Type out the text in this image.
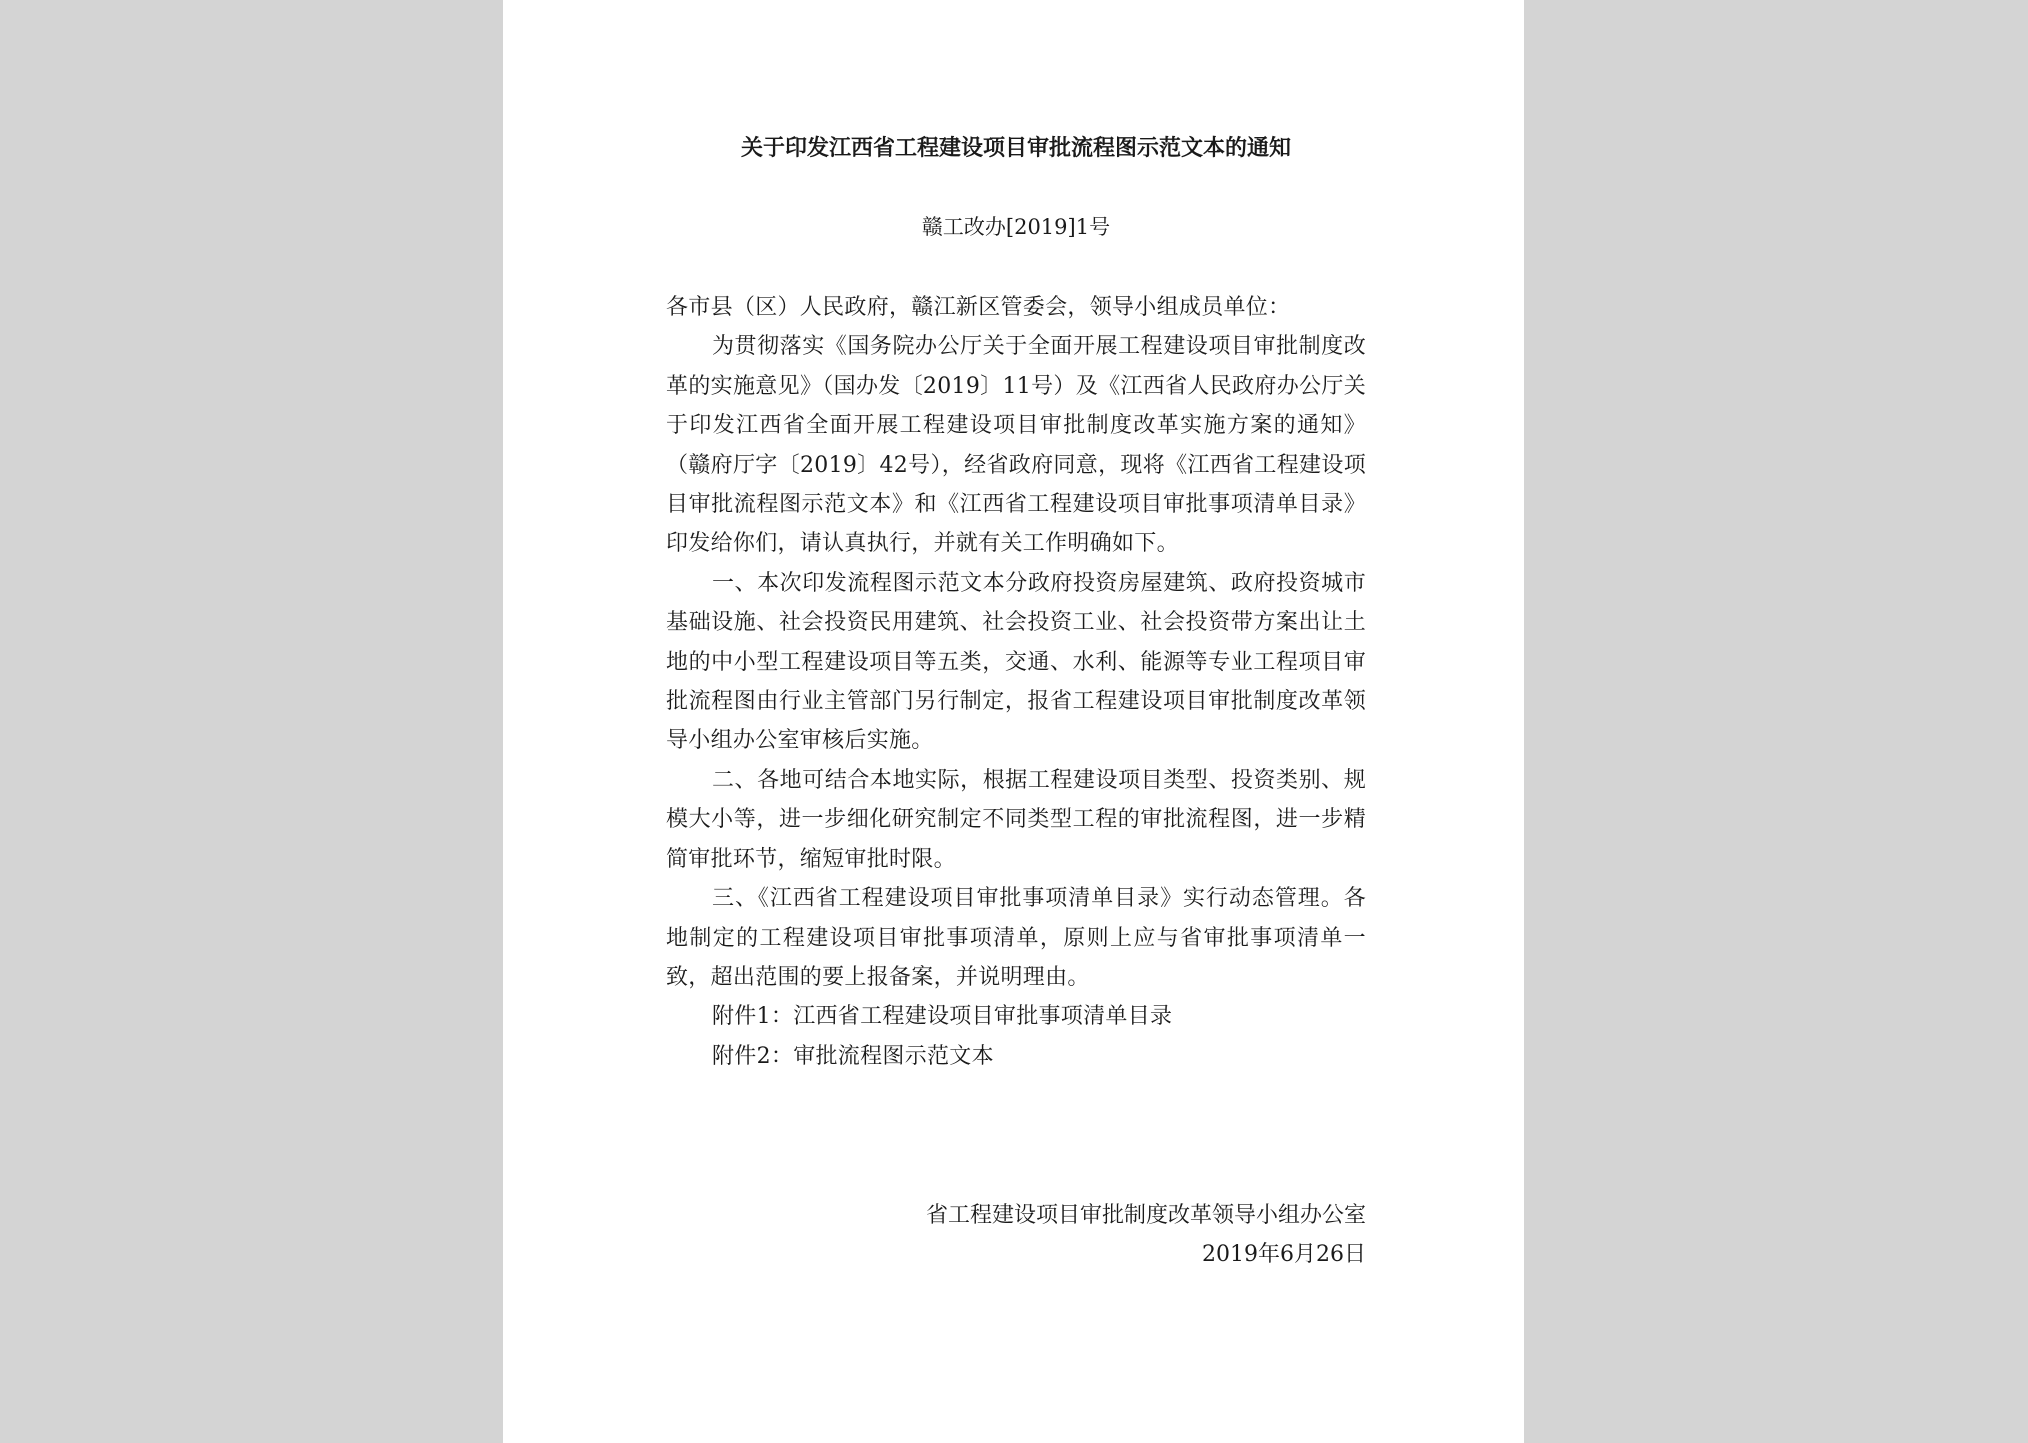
关于印发江西省工程建设项目审批流程图示范文本的通知
赣工改办[2019]1号

各市县（区）人民政府，赣江新区管委会，领导小组成员单位：

为贯彻落实《国务院办公厅关于全面开展工程建设项目审批制度改革的实施意见》（国办发〔2019〕11号）及《江西省人民政府办公厅关于印发江西省全面开展工程建设项目审批制度改革实施方案的通知》（赣府厅字〔2019〕42号），经省政府同意，现将《江西省工程建设项目审批流程图示范文本》和《江西省工程建设项目审批事项清单目录》印发给你们，请认真执行，并就有关工作明确如下。

一、本次印发流程图示范文本分政府投资房屋建筑、政府投资城市基础设施、社会投资民用建筑、社会投资工业、社会投资带方案出让土地的中小型工程建设项目等五类，交通、水利、能源等专业工程项目审批流程图由行业主管部门另行制定，报省工程建设项目审批制度改革领导小组办公室审核后实施。

二、各地可结合本地实际，根据工程建设项目类型、投资类别、规模大小等，进一步细化研究制定不同类型工程的审批流程图，进一步精简审批环节，缩短审批时限。

三、《江西省工程建设项目审批事项清单目录》实行动态管理。各地制定的工程建设项目审批事项清单，原则上应与省审批事项清单一致，超出范围的要上报备案，并说明理由。

附件1：江西省工程建设项目审批事项清单目录

附件2：审批流程图示范文本

省工程建设项目审批制度改革领导小组办公室
2019年6月26日
